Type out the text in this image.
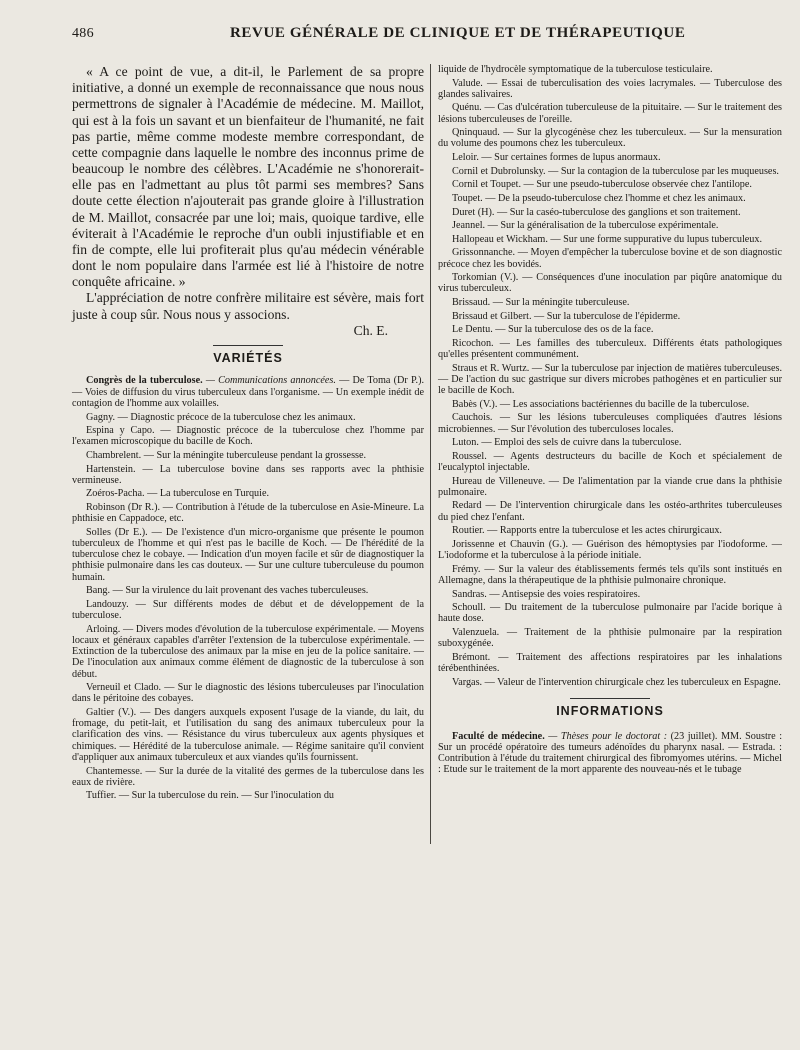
486	REVUE GÉNÉRALE DE CLINIQUE ET DE THÉRAPEUTIQUE

« A ce point de vue, a dit-il, le Parlement de sa propre initiative, a donné un exemple de reconnaissance que nous nous permettrons de signaler à l'Académie de médecine. M. Maillot, qui est à la fois un savant et un bienfaiteur de l'humanité, ne fait pas partie, même comme modeste membre correspondant, de cette compagnie dans laquelle le nombre des inconnus prime de beaucoup le nombre des célèbres. L'Académie ne s'honorerait-elle pas en l'admettant au plus tôt parmi ses membres? Sans doute cette élection n'ajouterait pas grande gloire à l'illustration de M. Maillot, consacrée par une loi; mais, quoique tardive, elle éviterait à l'Académie le reproche d'un oubli injustifiable et en fin de compte, elle lui profiterait plus qu'au médecin vénérable dont le nom populaire dans l'armée est lié à l'histoire de notre conquête africaine. »

L'appréciation de notre confrère militaire est sévère, mais fort juste à coup sûr. Nous nous y associons.

Ch. E.
VARIÉTÉS

Congrès de la tuberculose. — Communications annoncées. — De Toma (Dr P.). — Voies de diffusion du virus tuberculeux dans l'organisme. — Un exemple inédit de contagion de l'homme aux volailles.

Gagny. — Diagnostic précoce de la tuberculose chez les animaux.

Espina y Capo. — Diagnostic précoce de la tuberculose chez l'homme par l'examen microscopique du bacille de Koch.

Chambrelent. — Sur la méningite tuberculeuse pendant la grossesse.

Hartenstein. — La tuberculose bovine dans ses rapports avec la phthisie vermineuse.

Zoéros-Pacha. — La tuberculose en Turquie.

Robinson (Dr R.). — Contribution à l'étude de la tuberculose en Asie-Mineure. La phthisie en Cappadoce, etc.

Solles (Dr E.). — De l'existence d'un micro-organisme que présente le poumon tuberculeux de l'homme et qui n'est pas le bacille de Koch. — De l'hérédité de la tuberculose chez le cobaye. — Indication d'un moyen facile et sûr de diagnostiquer la phthisie pulmonaire dans les cas douteux. — Sur une culture tuberculeuse du poumon humain.

Bang. — Sur la virulence du lait provenant des vaches tuberculeuses.

Landouzy. — Sur différents modes de début et de développement de la tuberculose.

Arloing. — Divers modes d'évolution de la tuberculose expérimentale. — Moyens locaux et généraux capables d'arrêter l'extension de la tuberculose expérimentale. — Extinction de la tuberculose des animaux par la mise en jeu de la police sanitaire. — De l'inoculation aux animaux comme élément de diagnostic de la tuberculose à son début.

Verneuil et Clado. — Sur le diagnostic des lésions tuberculeuses par l'inoculation dans le péritoine des cobayes.

Galtier (V.). — Des dangers auxquels exposent l'usage de la viande, du lait, du fromage, du petit-lait, et l'utilisation du sang des animaux tuberculeux pour la clarification des vins. — Résistance du virus tuberculeux aux agents physiques et chimiques. — Hérédité de la tuberculose animale. — Régime sanitaire qu'il convient d'appliquer aux animaux tuberculeux et aux viandes qu'ils fournissent.

Chantemesse. — Sur la durée de la vitalité des germes de la tuberculose dans les eaux de rivière.

Tuffier. — Sur la tuberculose du rein. — Sur l'inoculation du

liquide de l'hydrocèle symptomatique de la tuberculose testiculaire.

Valude. — Essai de tuberculisation des voies lacrymales. — Tuberculose des glandes salivaires.

Quénu. — Cas d'ulcération tuberculeuse de la pituitaire. — Sur le traitement des lésions tuberculeuses de l'oreille.

Qninquaud. — Sur la glycogénèse chez les tuberculeux. — Sur la mensuration du volume des poumons chez les tuberculeux.

Leloir. — Sur certaines formes de lupus anormaux.

Cornil et Dubrolunsky. — Sur la contagion de la tuberculose par les muqueuses.

Cornil et Toupet. — Sur une pseudo-tuberculose observée chez l'antilope.

Toupet. — De la pseudo-tuberculose chez l'homme et chez les animaux.

Duret (H). — Sur la caséo-tuberculose des ganglions et son traitement.

Jeannel. — Sur la généralisation de la tuberculose expérimentale.

Hallopeau et Wickham. — Sur une forme suppurative du lupus tuberculeux.

Grissonnanche. — Moyen d'empêcher la tuberculose bovine et de son diagnostic précoce chez les bovidés.

Torkomian (V.). — Conséquences d'une inoculation par piqûre anatomique du virus tuberculeux.

Brissaud. — Sur la méningite tuberculeuse.

Brissaud et Gilbert. — Sur la tuberculose de l'épiderme.

Le Dentu. — Sur la tuberculose des os de la face.

Ricochon. — Les familles des tuberculeux. Différents états pathologiques qu'elles présentent communément.

Straus et R. Wurtz. — Sur la tuberculose par injection de matières tuberculeuses. — De l'action du suc gastrique sur divers microbes pathogènes et en particulier sur le bacille de Koch.

Babès (V.). — Les associations bactériennes du bacille de la tuberculose.

Cauchois. — Sur les lésions tuberculeuses compliquées d'autres lésions microbiennes. — Sur l'évolution des tuberculoses locales.

Luton. — Emploi des sels de cuivre dans la tuberculose.

Roussel. — Agents destructeurs du bacille de Koch et spécialement de l'eucalyptol injectable.

Hureau de Villeneuve. — De l'alimentation par la viande crue dans la phthisie pulmonaire.

Redard — De l'intervention chirurgicale dans les ostéo-arthrites tuberculeuses du pied chez l'enfant.

Routier. — Rapports entre la tuberculose et les actes chirurgicaux.

Jorissenne et Chauvin (G.). — Guérison des hémoptysies par l'iodoforme. — L'iodoforme et la tuberculose à la période initiale.

Frémy. — Sur la valeur des établissements fermés tels qu'ils sont institués en Allemagne, dans la thérapeutique de la phthisie pulmonaire chronique.

Sandras. — Antisepsie des voies respiratoires.

Schoull. — Du traitement de la tuberculose pulmonaire par l'acide borique à haute dose.

Valenzuela. — Traitement de la phthisie pulmonaire par la respiration suboxygénée.

Brémont. — Traitement des affections respiratoires par les inhalations térébenthinées.

Vargas. — Valeur de l'intervention chirurgicale chez les tuberculeux en Espagne.

INFORMATIONS

Faculté de médecine. — Thèses pour le doctorat : (23 juillet). MM. Soustre : Sur un procédé opératoire des tumeurs adénoïdes du pharynx nasal. — Estrada. : Contribution à l'étude du traitement chirurgical des fibromyomes utérins. — Michel : Etude sur le traitement de la mort apparente des nouveau-nés et le tubage
